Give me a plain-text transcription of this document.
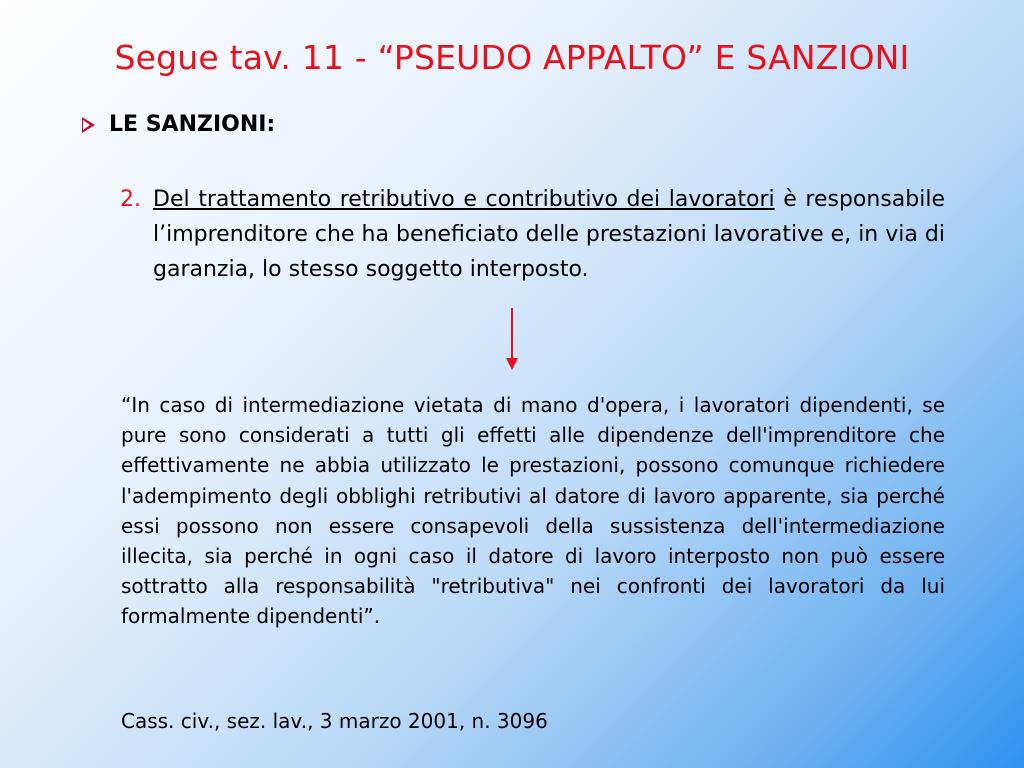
Segue tav. 11 - “PSEUDO APPALTO” E SANZIONI
LE SANZIONI:
2. Del trattamento retributivo e contributivo dei lavoratori è responsabile l’imprenditore che ha beneficiato delle prestazioni lavorative e, in via di garanzia, lo stesso soggetto interposto.
“In caso di intermediazione vietata di mano d'opera, i lavoratori dipendenti, se pure sono considerati a tutti gli effetti alle dipendenze dell'imprenditore che effettivamente ne abbia utilizzato le prestazioni, possono comunque richiedere l'adempimento degli obblighi retributivi al datore di lavoro apparente, sia perché essi possono non essere consapevoli della sussistenza dell'intermediazione illecita, sia perché in ogni caso il datore di lavoro interposto non può essere sottratto alla responsabilità "retributiva" nei confronti dei lavoratori da lui formalmente dipendenti”.
Cass. civ., sez. lav., 3 marzo 2001, n. 3096
